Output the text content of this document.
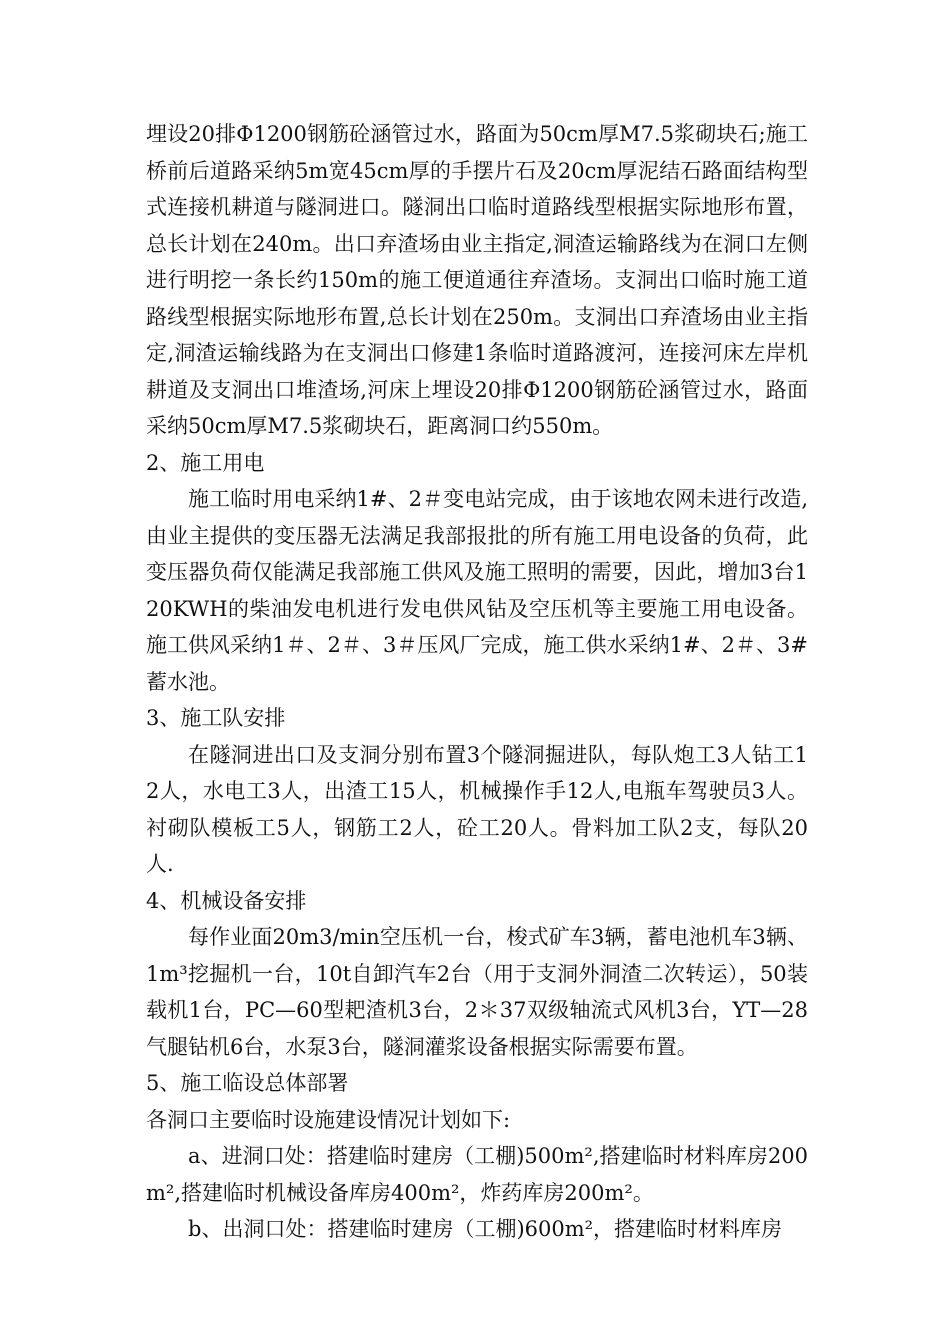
埋设20排Φ1200钢筋砼涵管过水，路面为50cm厚M7.5浆砌块石;施工桥前后道路采纳5m宽45cm厚的手摆片石及20cm厚泥结石路面结构型式连接机耕道与隧洞进口。隧洞出口临时道路线型根据实际地形布置，总长计划在240m。出口弃渣场由业主指定,洞渣运输路线为在洞口左侧进行明挖一条长约150m的施工便道通往弃渣场。支洞出口临时施工道路线型根据实际地形布置,总长计划在250m。支洞出口弃渣场由业主指定,洞渣运输线路为在支洞出口修建1条临时道路渡河，连接河床左岸机耕道及支洞出口堆渣场,河床上埋设20排Φ1200钢筋砼涵管过水，路面采纳50cm厚M7.5浆砌块石，距离洞口约550m。

2、施工用电

施工临时用电采纳1#、2＃变电站完成，由于该地农网未进行改造,由业主提供的变压器无法满足我部报批的所有施工用电设备的负荷，此变压器负荷仅能满足我部施工供风及施工照明的需要，因此，增加3台120KWH的柴油发电机进行发电供风钻及空压机等主要施工用电设备。施工供风采纳1＃、2＃、3＃压风厂完成，施工供水采纳1#、2＃、3#蓄水池。

3、施工队安排

在隧洞进出口及支洞分别布置3个隧洞掘进队，每队炮工3人钻工12人，水电工3人，出渣工15人，机械操作手12人,电瓶车驾驶员3人。衬砌队模板工5人，钢筋工2人，砼工20人。骨料加工队2支，每队20人.

4、机械设备安排

每作业面20m3/min空压机一台，梭式矿车3辆，蓄电池机车3辆、1m³挖掘机一台，10t自卸汽车2台（用于支洞外洞渣二次转运），50装载机1台，PC—60型耙渣机3台，2＊37双级轴流式风机3台，YT—28气腿钻机6台，水泵3台，隧洞灌浆设备根据实际需要布置。

5、施工临设总体部署

各洞口主要临时设施建设情况计划如下:

a、进洞口处：搭建临时建房（工棚)500m²,搭建临时材料库房200m²,搭建临时机械设备库房400m²，炸药库房200m²。

b、出洞口处：搭建临时建房（工棚)600m²，搭建临时材料库房
